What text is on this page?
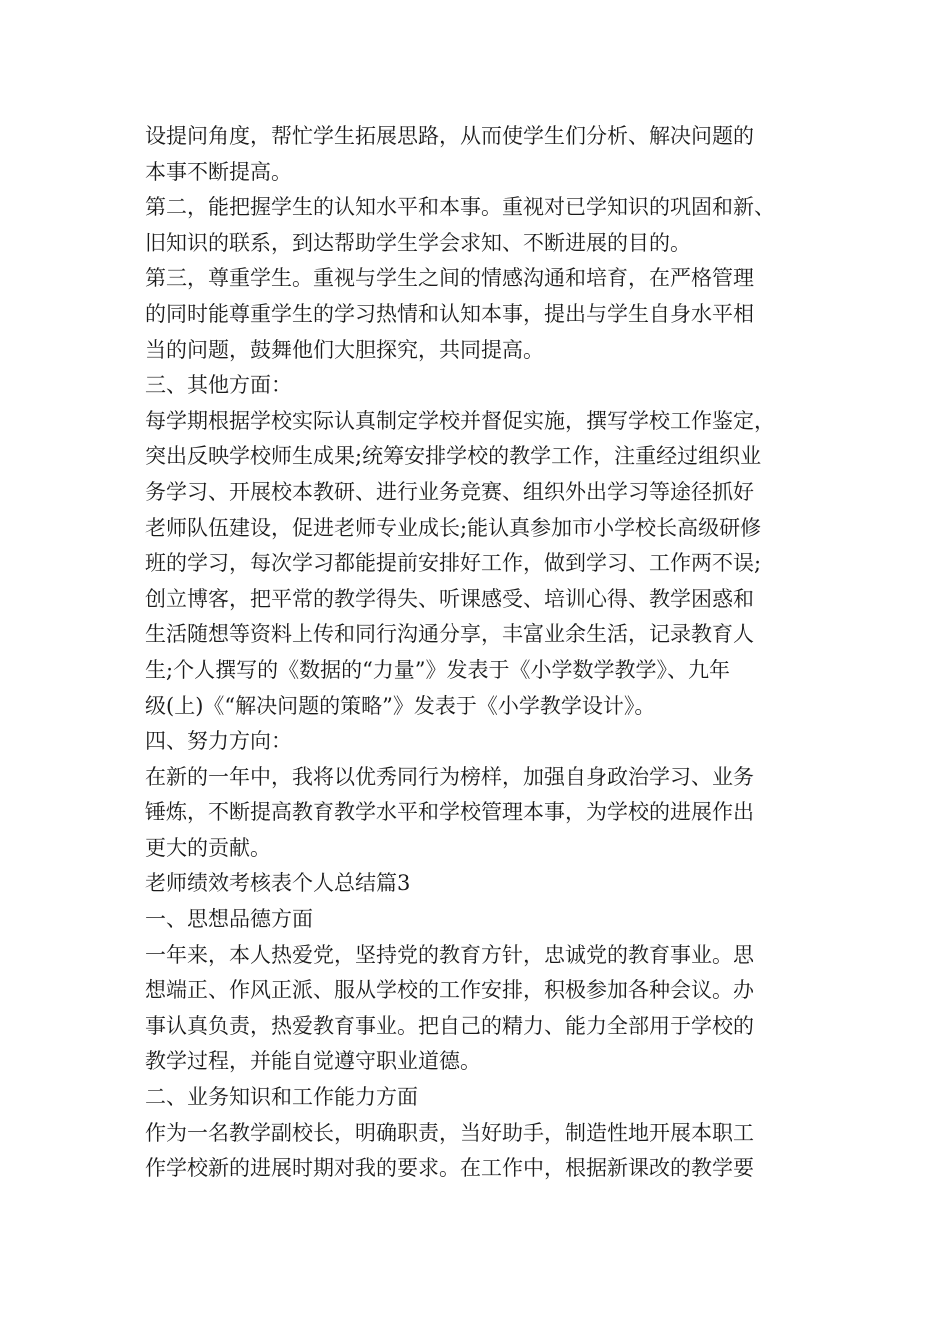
设提问角度，帮忙学生拓展思路，从而使学生们分析、解决问题的
本事不断提高。
第二，能把握学生的认知水平和本事。重视对已学知识的巩固和新、
旧知识的联系，到达帮助学生学会求知、不断进展的目的。
第三，尊重学生。重视与学生之间的情感沟通和培育，在严格管理
的同时能尊重学生的学习热情和认知本事，提出与学生自身水平相
当的问题，鼓舞他们大胆探究，共同提高。
三、其他方面：
每学期根据学校实际认真制定学校并督促实施，撰写学校工作鉴定，
突出反映学校师生成果;统筹安排学校的教学工作，注重经过组织业
务学习、开展校本教研、进行业务竞赛、组织外出学习等途径抓好
老师队伍建设，促进老师专业成长;能认真参加市小学校长高级研修
班的学习，每次学习都能提前安排好工作，做到学习、工作两不误;
创立博客，把平常的教学得失、听课感受、培训心得、教学困惑和
生活随想等资料上传和同行沟通分享，丰富业余生活，记录教育人
生;个人撰写的《数据的“力量”》发表于《小学数学教学》、九年
级(上)《“解决问题的策略”》发表于《小学教学设计》。
四、努力方向：
在新的一年中，我将以优秀同行为榜样，加强自身政治学习、业务
锤炼，不断提高教育教学水平和学校管理本事，为学校的进展作出
更大的贡献。
老师绩效考核表个人总结篇3
一、思想品德方面
一年来，本人热爱党，坚持党的教育方针，忠诚党的教育事业。思
想端正、作风正派、服从学校的工作安排，积极参加各种会议。办
事认真负责，热爱教育事业。把自己的精力、能力全部用于学校的
教学过程，并能自觉遵守职业道德。
二、业务知识和工作能力方面
作为一名教学副校长，明确职责，当好助手，制造性地开展本职工
作学校新的进展时期对我的要求。在工作中，根据新课改的教学要
